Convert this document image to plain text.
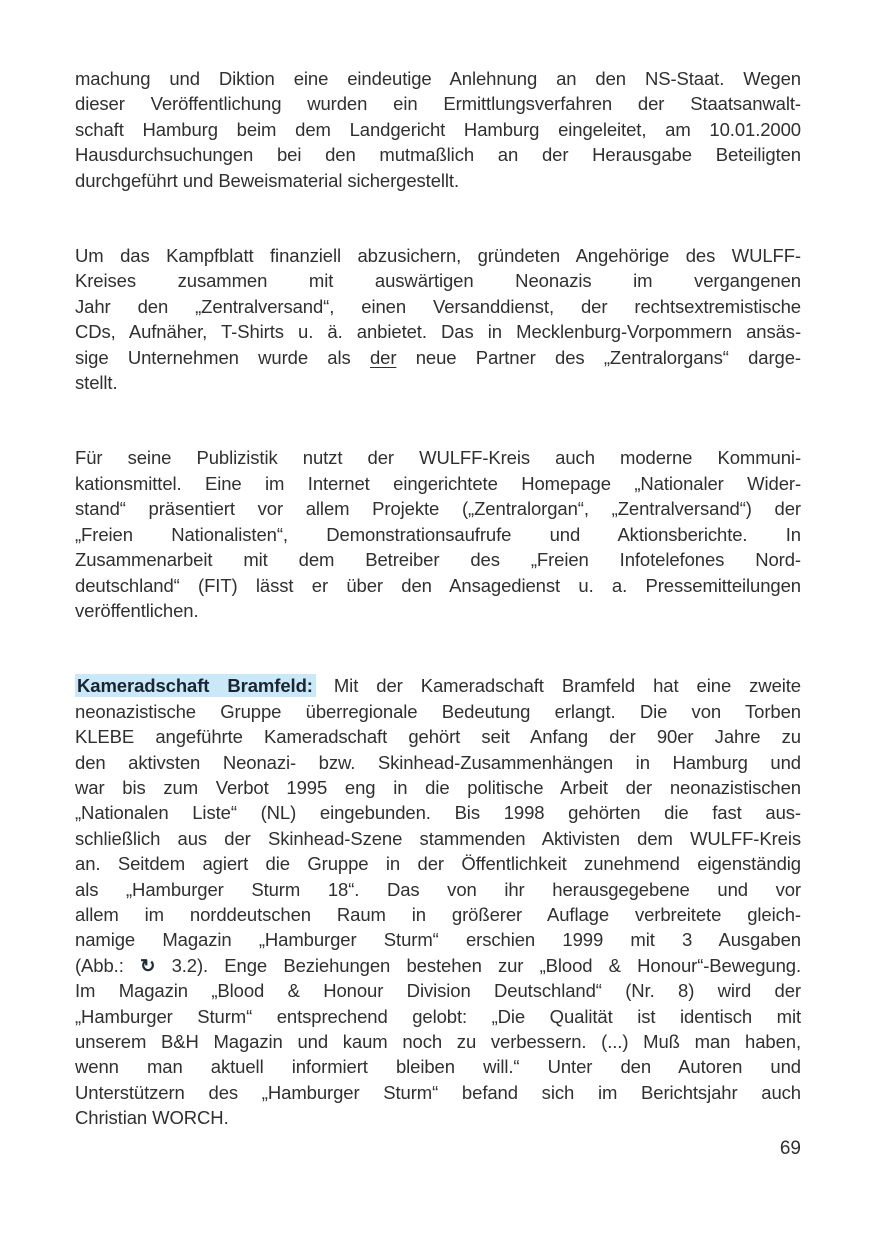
machung und Diktion eine eindeutige Anlehnung an den NS-Staat. Wegen
dieser Veröffentlichung wurden ein Ermittlungsverfahren der Staatsanwalt-
schaft Hamburg beim dem Landgericht Hamburg eingeleitet, am 10.01.2000
Hausdurchsuchungen bei den mutmaßlich an der Herausgabe Beteiligten
durchgeführt und Beweismaterial sichergestellt.
Um das Kampfblatt finanziell abzusichern, gründeten Angehörige des WULFF-
Kreises zusammen mit auswärtigen Neonazis im vergangenen
Jahr den „Zentralversand“, einen Versanddienst, der rechtsextremistische
CDs, Aufnäher, T-Shirts u. ä. anbietet. Das in Mecklenburg-Vorpommern ansäs-
sige Unternehmen wurde als der neue Partner des „Zentralorgans“ darge-
stellt.
Für seine Publizistik nutzt der WULFF-Kreis auch moderne Kommuni-
kationsmittel. Eine im Internet eingerichtete Homepage „Nationaler Wider-
stand“ präsentiert vor allem Projekte („Zentralorgan“, „Zentralversand“) der
„Freien Nationalisten“, Demonstrationsaufrufe und Aktionsberichte. In
Zusammenarbeit mit dem Betreiber des „Freien Infotelefones Nord-
deutschland“ (FIT) lässt er über den Ansagedienst u. a. Pressemitteilungen
veröffentlichen.
Kameradschaft Bramfeld: Mit der Kameradschaft Bramfeld hat eine zweite
neonazistische Gruppe überregionale Bedeutung erlangt. Die von Torben
KLEBE angeführte Kameradschaft gehört seit Anfang der 90er Jahre zu
den aktivsten Neonazi- bzw. Skinhead-Zusammenhängen in Hamburg und
war bis zum Verbot 1995 eng in die politische Arbeit der neonazistischen
„Nationalen Liste“ (NL) eingebunden. Bis 1998 gehörten die fast aus-
schließlich aus der Skinhead-Szene stammenden Aktivisten dem WULFF-Kreis
an. Seitdem agiert die Gruppe in der Öffentlichkeit zunehmend eigenständig
als „Hamburger Sturm 18“. Das von ihr herausgegebene und vor
allem im norddeutschen Raum in größerer Auflage verbreitete gleich-
namige Magazin „Hamburger Sturm“ erschien 1999 mit 3 Ausgaben
(Abb.: ↻ 3.2). Enge Beziehungen bestehen zur „Blood & Honour“-Bewegung.
Im Magazin „Blood & Honour Division Deutschland“ (Nr. 8) wird der
„Hamburger Sturm“ entsprechend gelobt: „Die Qualität ist identisch mit
unserem B&H Magazin und kaum noch zu verbessern. (...) Muß man haben,
wenn man aktuell informiert bleiben will.“ Unter den Autoren und
Unterstützern des „Hamburger Sturm“ befand sich im Berichtsjahr auch
Christian WORCH.
69
